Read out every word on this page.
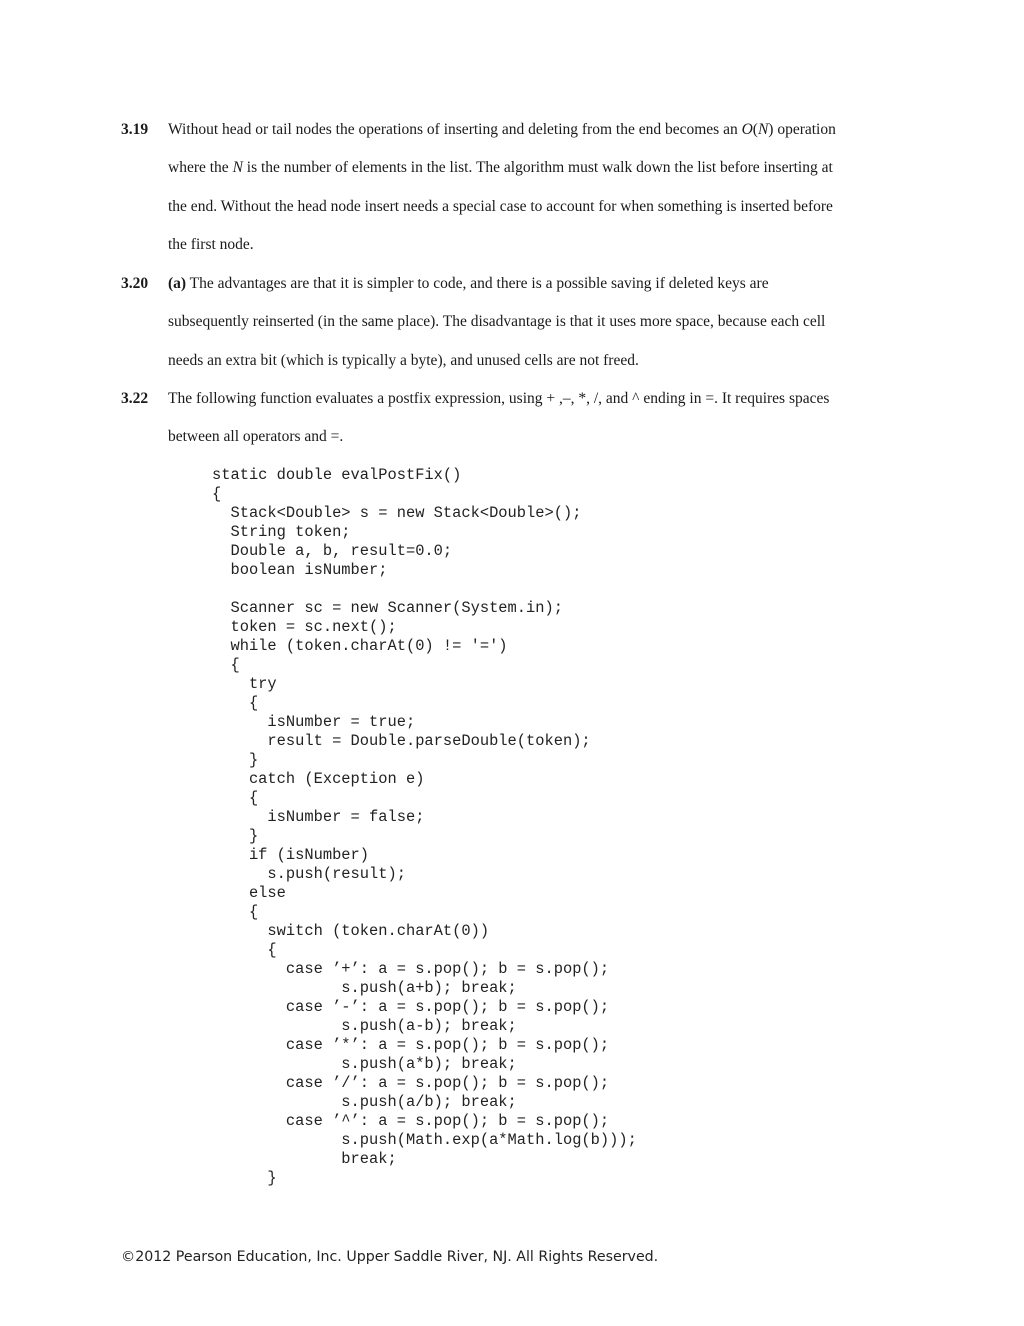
3.19 Without head or tail nodes the operations of inserting and deleting from the end becomes an O(N) operation
where the N is the number of elements in the list. The algorithm must walk down the list before inserting at
the end. Without the head node insert needs a special case to account for when something is inserted before
the first node.
3.20 (a) The advantages are that it is simpler to code, and there is a possible saving if deleted keys are
subsequently reinserted (in the same place). The disadvantage is that it uses more space, because each cell
needs an extra bit (which is typically a byte), and unused cells are not freed.
3.22 The following function evaluates a postfix expression, using + ,–, *, /, and ^ ending in =. It requires spaces
between all operators and =.
static double evalPostFix()
{
Stack<Double> s = new Stack<Double>();
String token;
Double a, b, result=0.0;
boolean isNumber;

Scanner sc = new Scanner(System.in);
token = sc.next();
while (token.charAt(0) != '=')
{
try
{
isNumber = true;
result = Double.parseDouble(token);
}
catch (Exception e)
{
isNumber = false;
}
if (isNumber)
s.push(result);
else
{
switch (token.charAt(0))
{
case ’+’: a = s.pop(); b = s.pop();
s.push(a+b); break;
case ’-’: a = s.pop(); b = s.pop();
s.push(a-b); break;
case ’*’: a = s.pop(); b = s.pop();
s.push(a*b); break;
case ’/’: a = s.pop(); b = s.pop();
s.push(a/b); break;
case ’^’: a = s.pop(); b = s.pop();
s.push(Math.exp(a*Math.log(b)));
break;
}
©2012 Pearson Education, Inc. Upper Saddle River, NJ. All Rights Reserved.
